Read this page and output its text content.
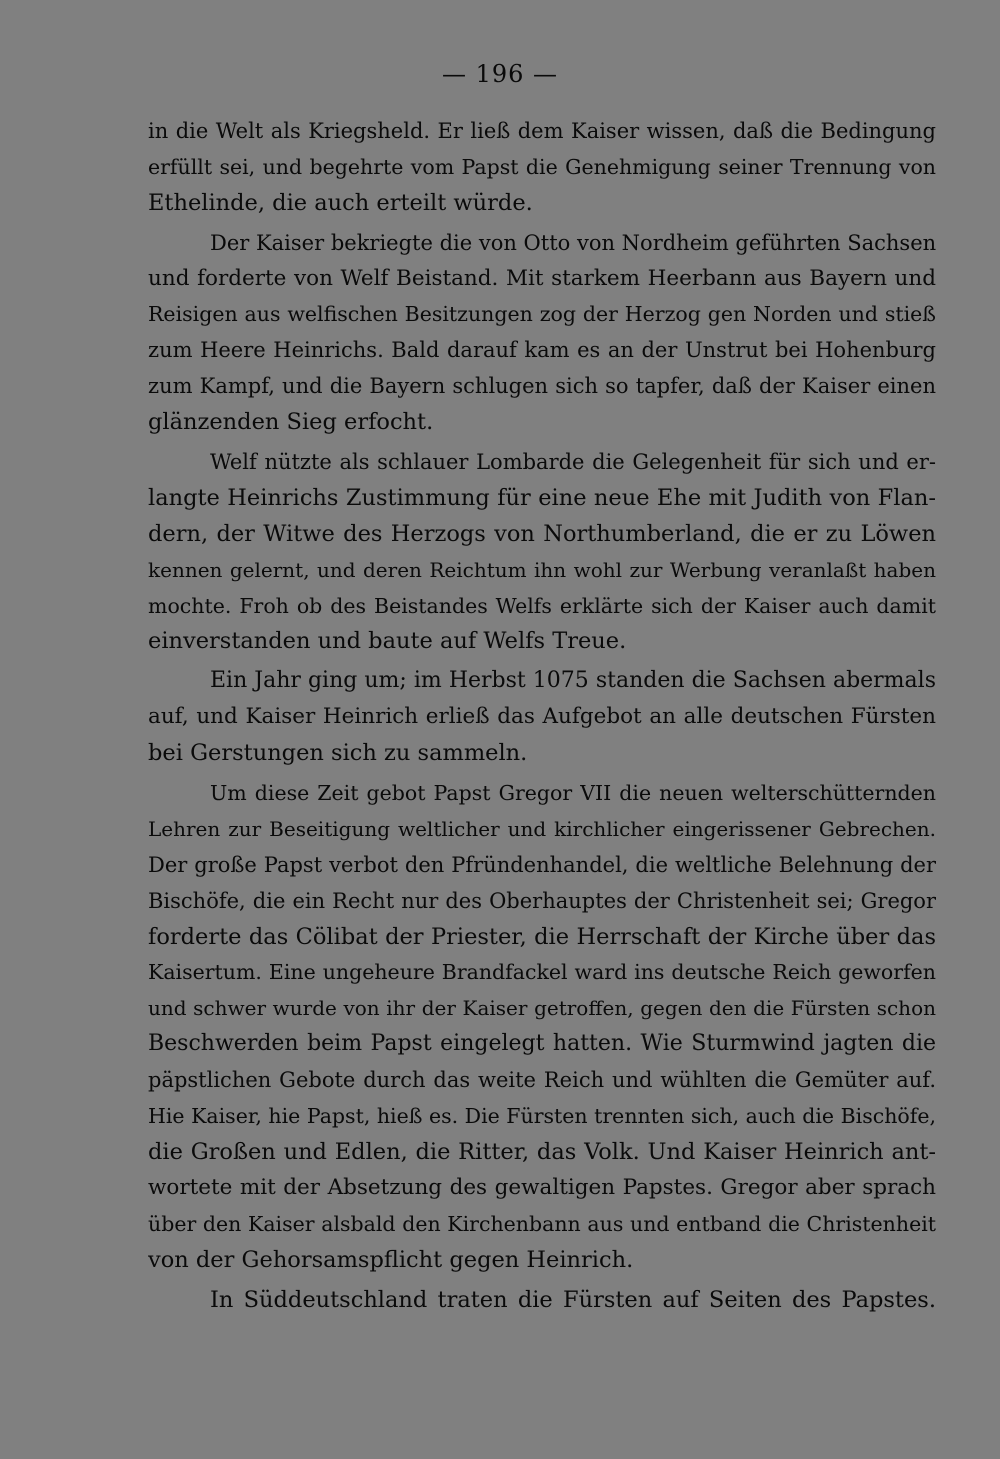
— 196 —
in die Welt als Kriegsheld. Er ließ dem Kaiser wissen, daß die Bedingung
erfüllt sei, und begehrte vom Papst die Genehmigung seiner Trennung von
Ethelinde, die auch erteilt würde.
Der Kaiser bekriegte die von Otto von Nordheim geführten Sachsen
und forderte von Welf Beistand. Mit starkem Heerbann aus Bayern und
Reisigen aus welfischen Besitzungen zog der Herzog gen Norden und stieß
zum Heere Heinrichs. Bald darauf kam es an der Unstrut bei Hohenburg
zum Kampf, und die Bayern schlugen sich so tapfer, daß der Kaiser einen
glänzenden Sieg erfocht.
Welf nützte als schlauer Lombarde die Gelegenheit für sich und er-
langte Heinrichs Zustimmung für eine neue Ehe mit Judith von Flan-
dern, der Witwe des Herzogs von Northumberland, die er zu Löwen
kennen gelernt, und deren Reichtum ihn wohl zur Werbung veranlaßt haben
mochte. Froh ob des Beistandes Welfs erklärte sich der Kaiser auch damit
einverstanden und baute auf Welfs Treue.
Ein Jahr ging um; im Herbst 1075 standen die Sachsen abermals
auf, und Kaiser Heinrich erließ das Aufgebot an alle deutschen Fürsten
bei Gerstungen sich zu sammeln.
Um diese Zeit gebot Papst Gregor VII die neuen welterschütternden
Lehren zur Beseitigung weltlicher und kirchlicher eingerissener Gebrechen.
Der große Papst verbot den Pfründenhandel, die weltliche Belehnung der
Bischöfe, die ein Recht nur des Oberhauptes der Christenheit sei; Gregor
forderte das Cölibat der Priester, die Herrschaft der Kirche über das
Kaisertum. Eine ungeheure Brandfackel ward ins deutsche Reich geworfen
und schwer wurde von ihr der Kaiser getroffen, gegen den die Fürsten schon
Beschwerden beim Papst eingelegt hatten. Wie Sturmwind jagten die
päpstlichen Gebote durch das weite Reich und wühlten die Gemüter auf.
Hie Kaiser, hie Papst, hieß es. Die Fürsten trennten sich, auch die Bischöfe,
die Großen und Edlen, die Ritter, das Volk. Und Kaiser Heinrich ant-
wortete mit der Absetzung des gewaltigen Papstes. Gregor aber sprach
über den Kaiser alsbald den Kirchenbann aus und entband die Christenheit
von der Gehorsamspflicht gegen Heinrich.
In Süddeutschland traten die Fürsten auf Seiten des Papstes.
